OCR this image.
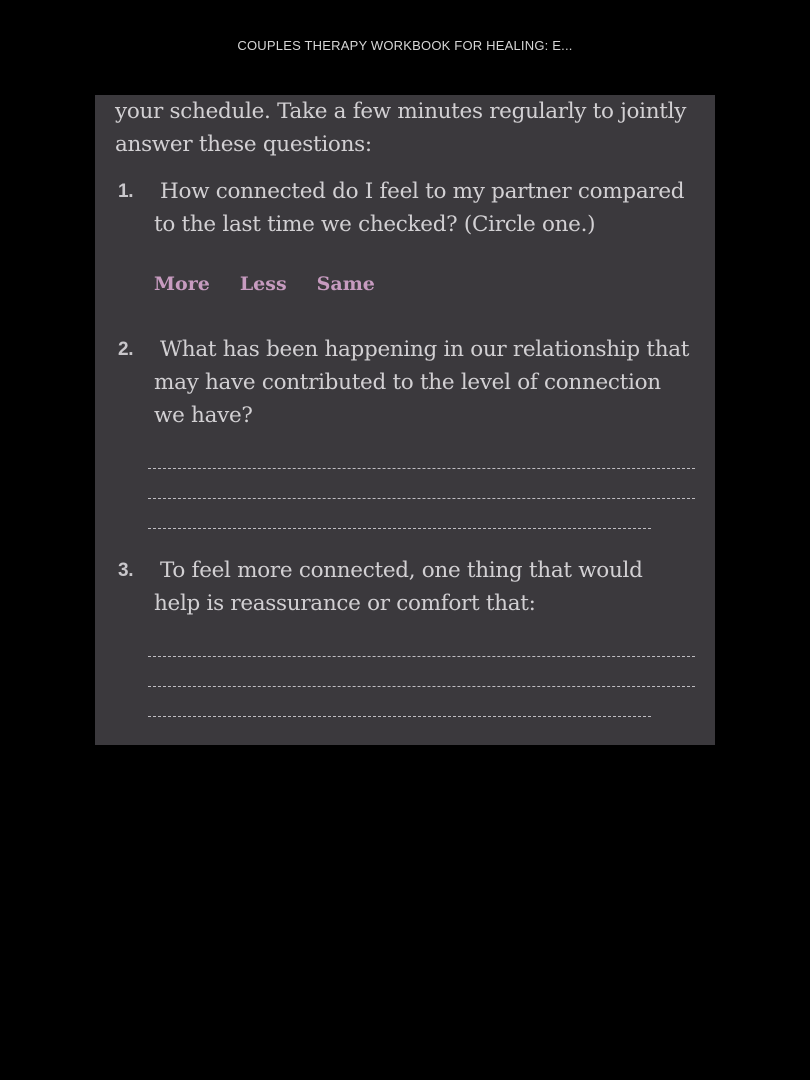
COUPLES THERAPY WORKBOOK FOR HEALING: E...

your schedule. Take a few minutes regularly to jointly answer these questions:

1. How connected do I feel to my partner compared to the last time we checked? (Circle one.)
More Less Same
2. What has been happening in our relationship that may have contributed to the level of connection we have?
3. To feel more connected, one thing that would help is reassurance or comfort that:
